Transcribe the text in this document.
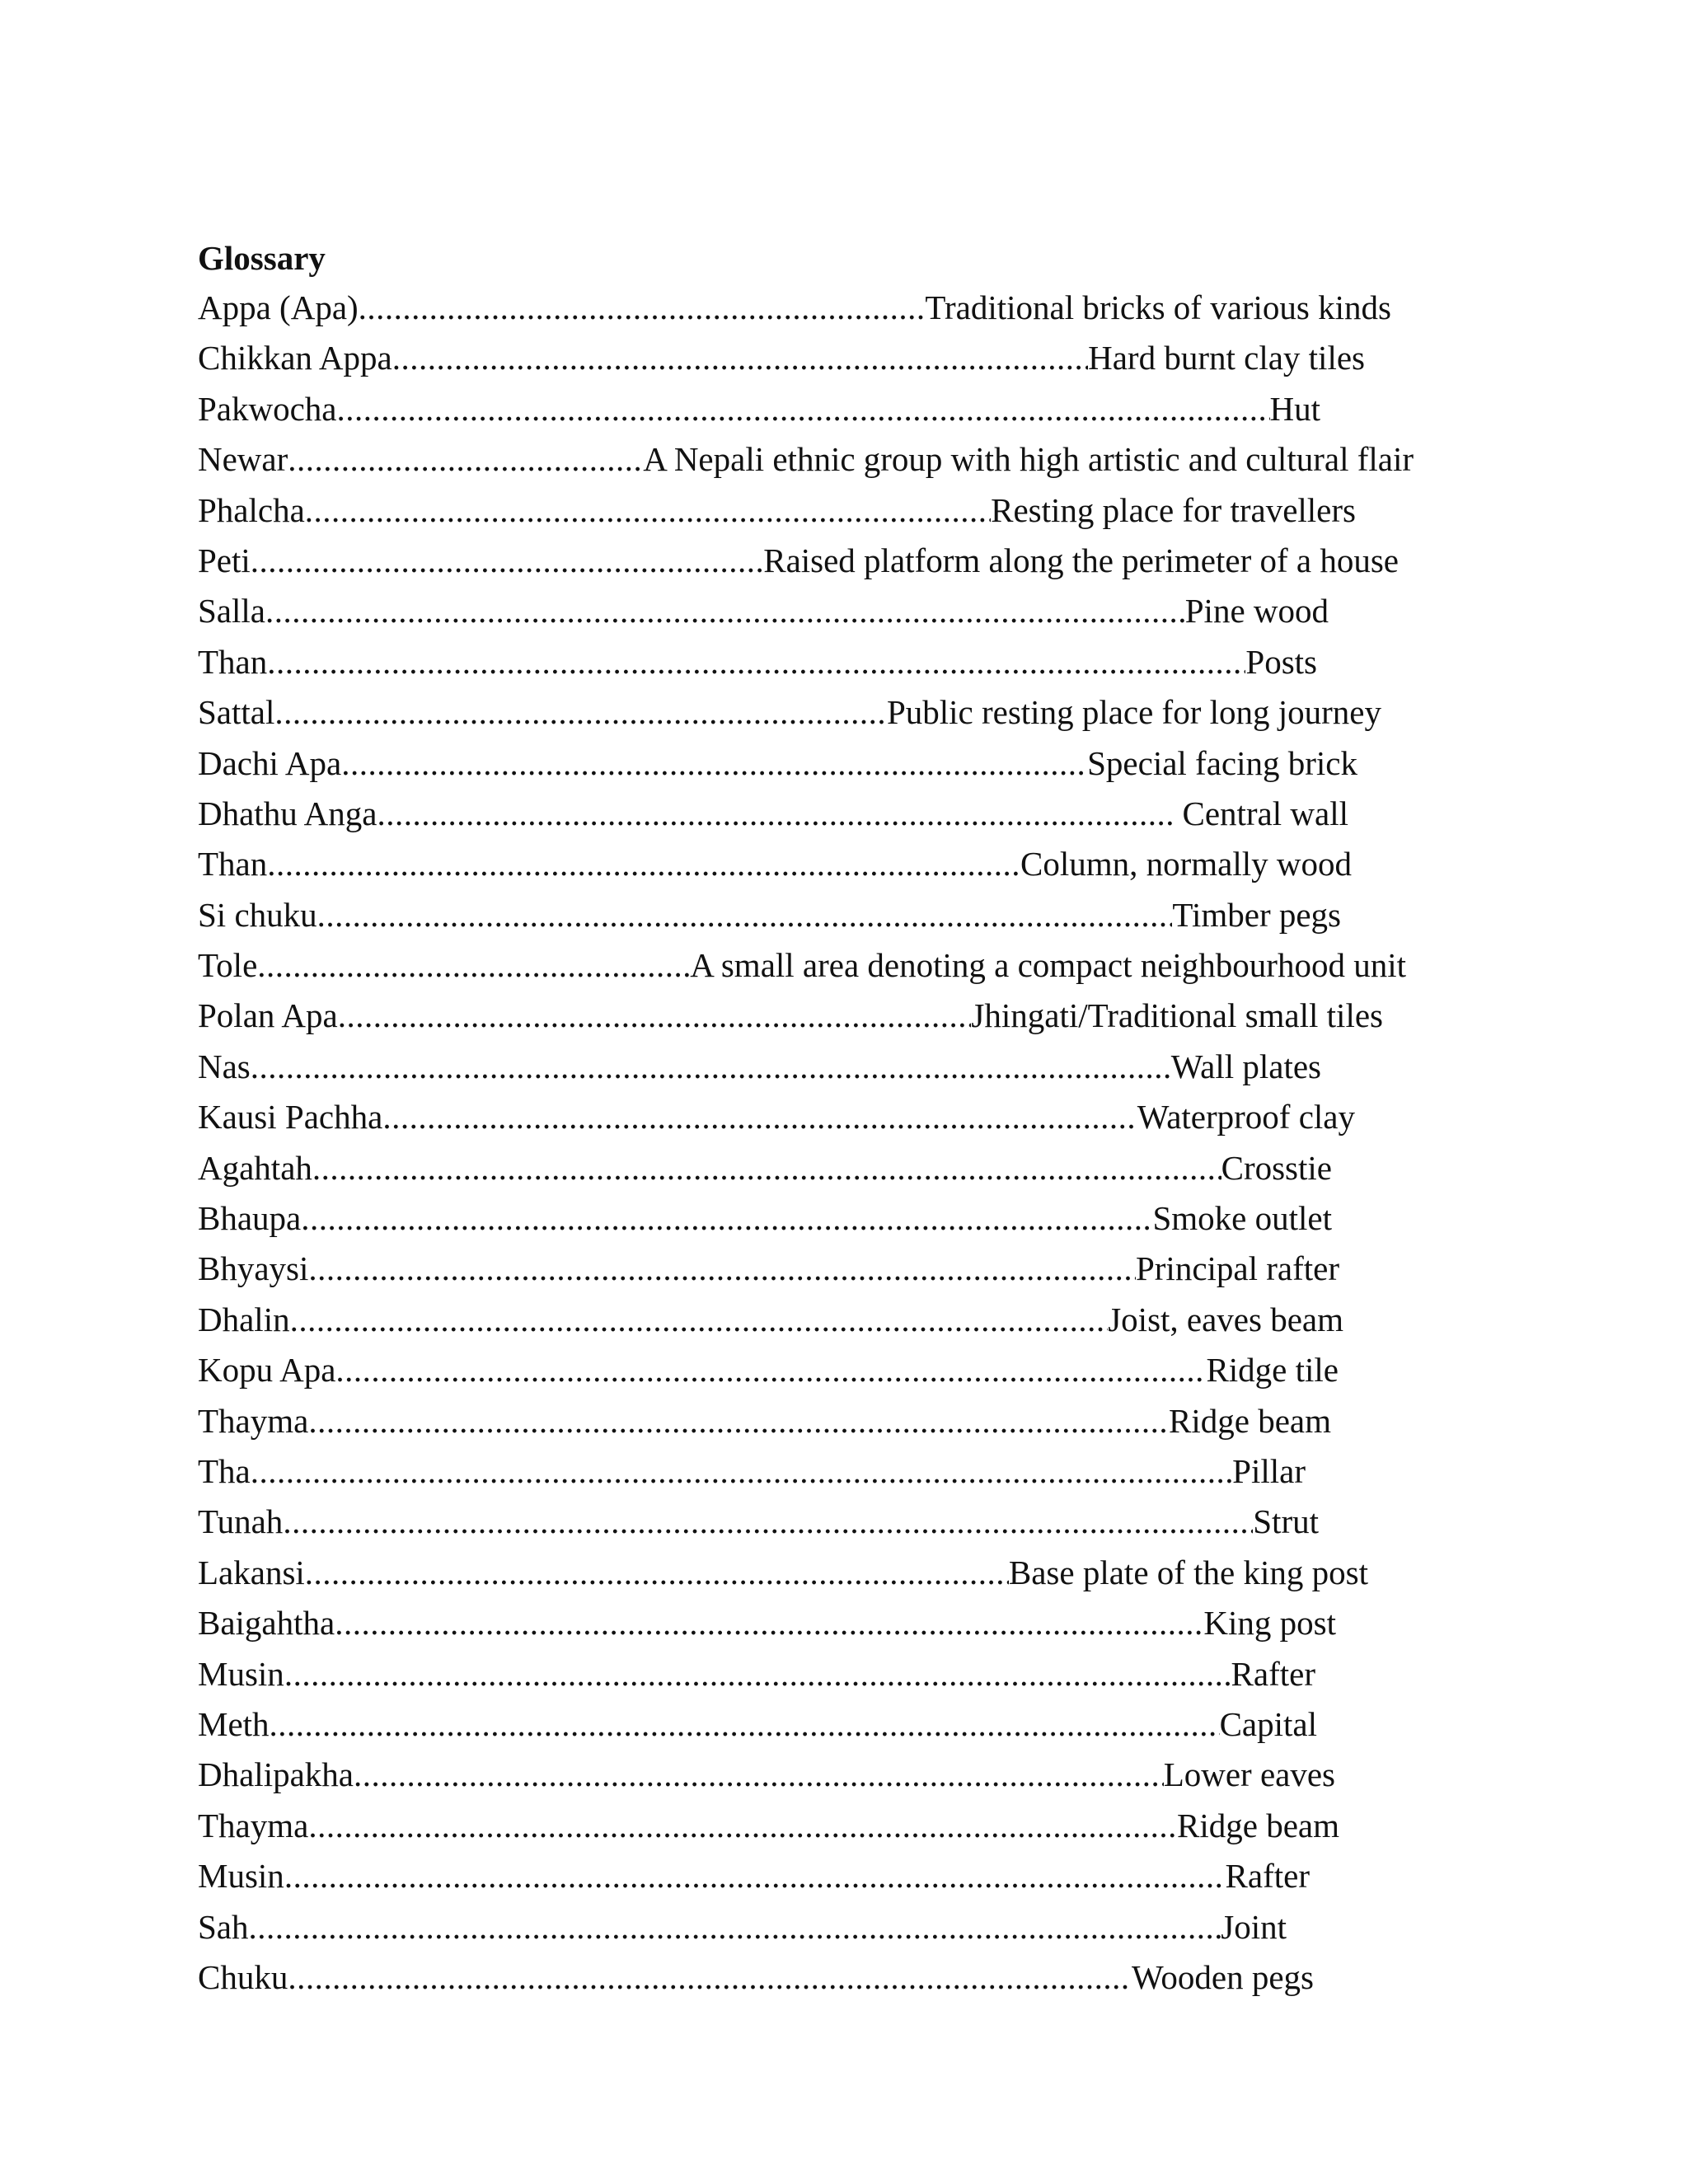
Glossary
Appa (Apa) .....	Traditional bricks of various kinds
Chikkan Appa .....	Hard burnt clay tiles
Pakwocha .....	Hut
Newar .....	A Nepali ethnic group with high artistic and cultural flair
Phalcha .....	Resting place for travellers
Peti .....	Raised platform along the perimeter of a house
Salla .....	Pine wood
Than .....	Posts
Sattal .....	Public resting place for long journey
Dachi Apa .....	Special facing brick
Dhathu Anga .....	Central wall
Than .....	Column, normally wood
Si chuku .....	Timber pegs
Tole .....	A small area denoting a compact neighbourhood unit
Polan Apa .....	Jhingati/Traditional small tiles
Nas .....	Wall plates
Kausi Pachha .....	Waterproof clay
Agahtah .....	Crosstie
Bhaupa .....	Smoke outlet
Bhyaysi .....	Principal rafter
Dhalin .....	Joist, eaves beam
Kopu Apa .....	Ridge tile
Thayma .....	Ridge beam
Tha .....	Pillar
Tunah .....	Strut
Lakansi .....	Base plate of the king post
Baigahtha .....	King post
Musin .....	Rafter
Meth .....	Capital
Dhalipakha .....	Lower eaves
Thayma .....	Ridge beam
Musin .....	Rafter
Sah .....	Joint
Chuku .....	Wooden pegs
